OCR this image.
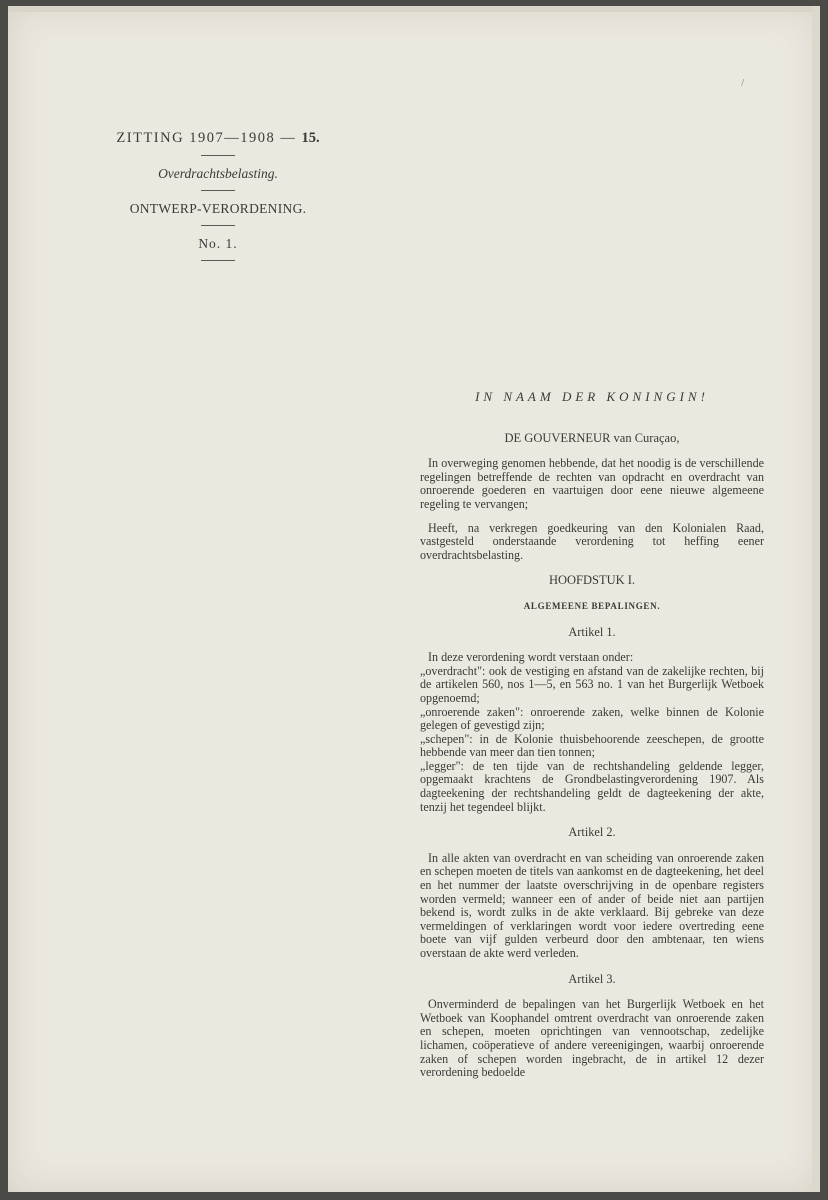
/

ZITTING 1907—1908 — 15.

Overdrachtsbelasting.

ONTWERP-VERORDENING.

No. 1.

IN NAAM DER KONINGIN!

DE GOUVERNEUR van Curaçao,

In overweging genomen hebbende, dat het noodig is de verschillende regelingen betreffende de rechten van opdracht en overdracht van onroerende goederen en vaartuigen door eene nieuwe algemeene regeling te vervangen;

Heeft, na verkregen goedkeuring van den Kolonialen Raad, vastgesteld onderstaande verordening tot heffing eener overdrachtsbelasting.

HOOFDSTUK I.

ALGEMEENE BEPALINGEN.

Artikel 1.

In deze verordening wordt verstaan onder:

„overdracht": ook de vestiging en afstand van de zakelijke rechten, bij de artikelen 560, nos 1—5, en 563 no. 1 van het Burgerlijk Wetboek opgenoemd;

„onroerende zaken": onroerende zaken, welke binnen de Kolonie gelegen of gevestigd zijn;

„schepen": in de Kolonie thuisbehoorende zeeschepen, de grootte hebbende van meer dan tien tonnen;

„legger": de ten tijde van de rechtshandeling geldende legger, opgemaakt krachtens de Grondbelastingverordening 1907. Als dagteekening der rechtshandeling geldt de dagteekening der akte, tenzij het tegendeel blijkt.

Artikel 2.

In alle akten van overdracht en van scheiding van onroerende zaken en schepen moeten de titels van aankomst en de dagteekening, het deel en het nummer der laatste overschrijving in de openbare registers worden vermeld; wanneer een of ander of beide niet aan partijen bekend is, wordt zulks in de akte verklaard. Bij gebreke van deze vermeldingen of verklaringen wordt voor iedere overtreding eene boete van vijf gulden verbeurd door den ambtenaar, ten wiens overstaan de akte werd verleden.

Artikel 3.

Onverminderd de bepalingen van het Burgerlijk Wetboek en het Wetboek van Koophandel omtrent overdracht van onroerende zaken en schepen, moeten oprichtingen van vennootschap, zedelijke lichamen, coöperatieve of andere vereenigingen, waarbij onroerende zaken of schepen worden ingebracht, de in artikel 12 dezer verordening bedoelde
